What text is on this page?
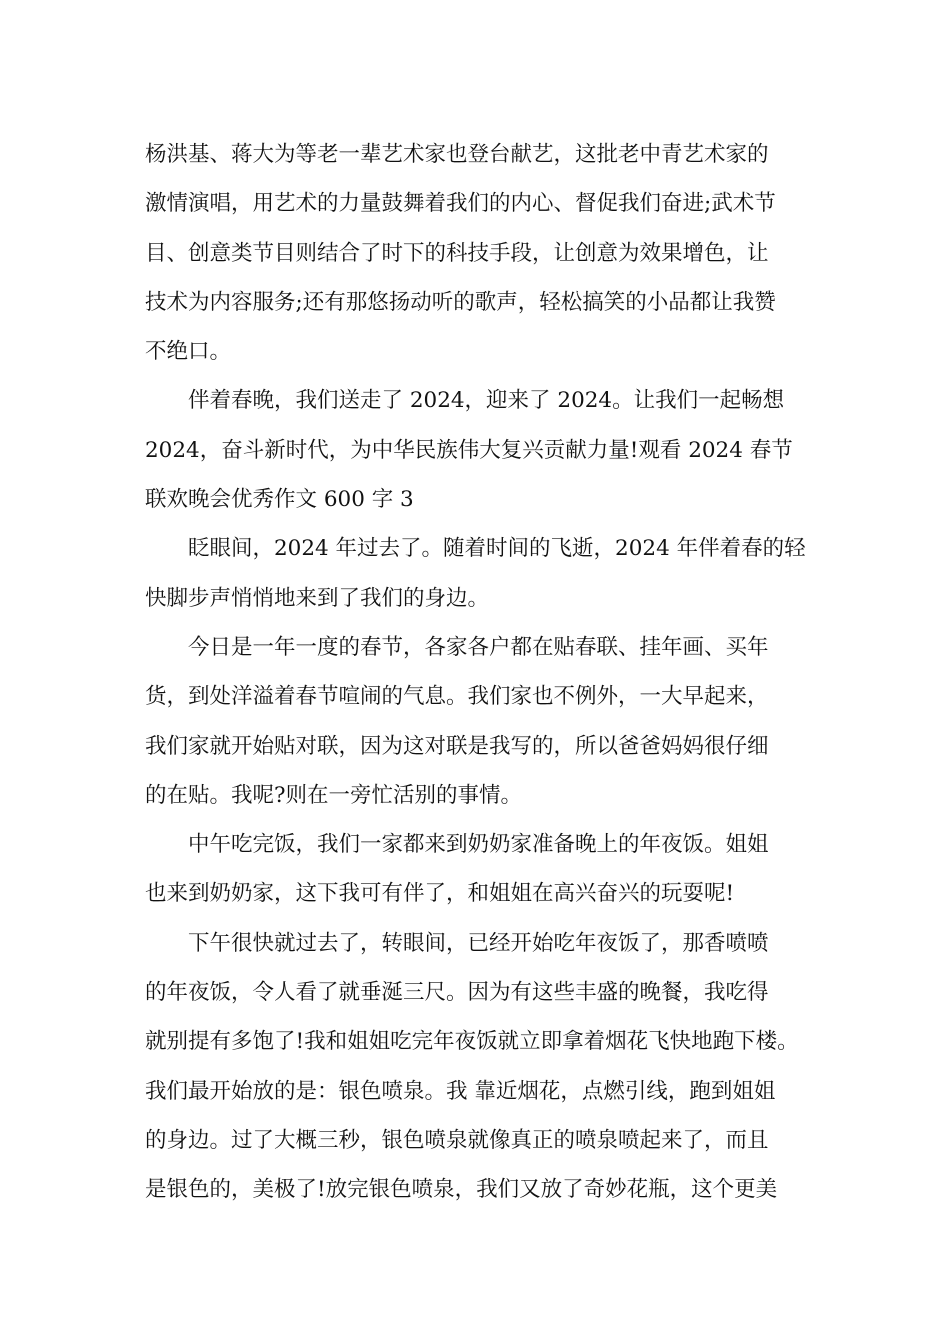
杨洪基、蒋大为等老一辈艺术家也登台献艺，这批老中青艺术家的
激情演唱，用艺术的力量鼓舞着我们的内心、督促我们奋进;武术节
目、创意类节目则结合了时下的科技手段，让创意为效果增色，让
技术为内容服务;还有那悠扬动听的歌声，轻松搞笑的小品都让我赞
不绝口。
伴着春晚，我们送走了 2024，迎来了 2024。让我们一起畅想
2024，奋斗新时代，为中华民族伟大复兴贡献力量!观看 2024 春节
联欢晚会优秀作文 600 字 3
眨眼间，2024 年过去了。随着时间的飞逝，2024 年伴着春的轻
快脚步声悄悄地来到了我们的身边。
今日是一年一度的春节，各家各户都在贴春联、挂年画、买年
货，到处洋溢着春节喧闹的气息。我们家也不例外，一大早起来，
我们家就开始贴对联，因为这对联是我写的，所以爸爸妈妈很仔细
的在贴。我呢?则在一旁忙活别的事情。
中午吃完饭，我们一家都来到奶奶家准备晚上的年夜饭。姐姐
也来到奶奶家，这下我可有伴了，和姐姐在高兴奋兴的玩耍呢!
下午很快就过去了，转眼间，已经开始吃年夜饭了，那香喷喷
的年夜饭，令人看了就垂涎三尺。因为有这些丰盛的晚餐，我吃得
就别提有多饱了!我和姐姐吃完年夜饭就立即拿着烟花飞快地跑下楼。
我们最开始放的是：银色喷泉。我 靠近烟花，点燃引线，跑到姐姐
的身边。过了大概三秒，银色喷泉就像真正的喷泉喷起来了，而且
是银色的，美极了!放完银色喷泉，我们又放了奇妙花瓶，这个更美
